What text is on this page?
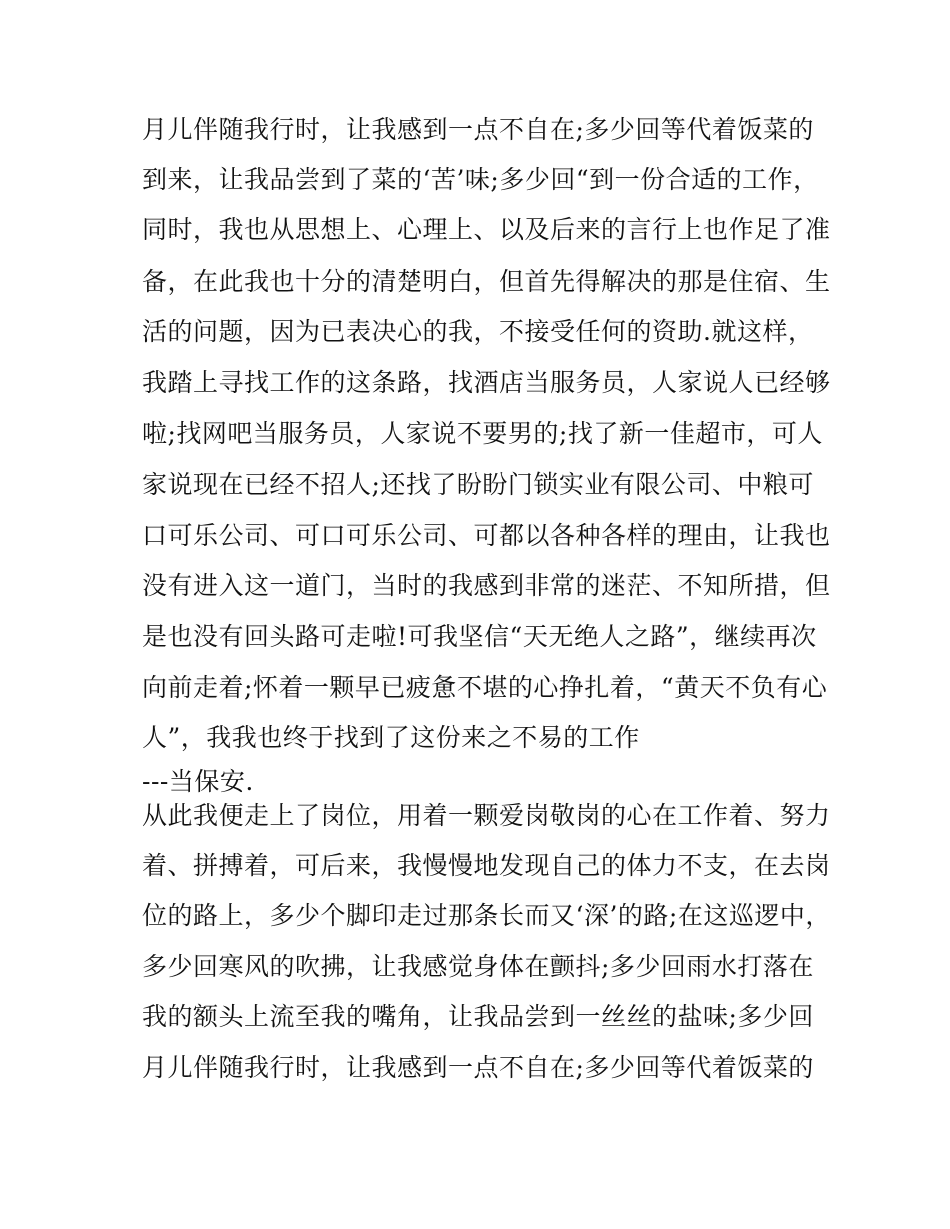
月儿伴随我行时，让我感到一点不自在;多少回等代着饭菜的
到来，让我品尝到了菜的‘苦’味;多少回“到一份合适的工作，
同时，我也从思想上、心理上、以及后来的言行上也作足了准
备，在此我也十分的清楚明白，但首先得解决的那是住宿、生
活的问题，因为已表决心的我，不接受任何的资助.就这样，
我踏上寻找工作的这条路，找酒店当服务员，人家说人已经够
啦;找网吧当服务员，人家说不要男的;找了新一佳超市，可人
家说现在已经不招人;还找了盼盼门锁实业有限公司、中粮可
口可乐公司、可口可乐公司、可都以各种各样的理由，让我也
没有进入这一道门，当时的我感到非常的迷茫、不知所措，但
是也没有回头路可走啦!可我坚信“天无绝人之路”，继续再次
向前走着;怀着一颗早已疲惫不堪的心挣扎着，“黄天不负有心
人”，我我也终于找到了这份来之不易的工作
---当保安.
从此我便走上了岗位，用着一颗爱岗敬岗的心在工作着、努力
着、拼搏着，可后来，我慢慢地发现自己的体力不支，在去岗
位的路上，多少个脚印走过那条长而又‘深’的路;在这巡逻中，
多少回寒风的吹拂，让我感觉身体在颤抖;多少回雨水打落在
我的额头上流至我的嘴角，让我品尝到一丝丝的盐味;多少回
月儿伴随我行时，让我感到一点不自在;多少回等代着饭菜的
